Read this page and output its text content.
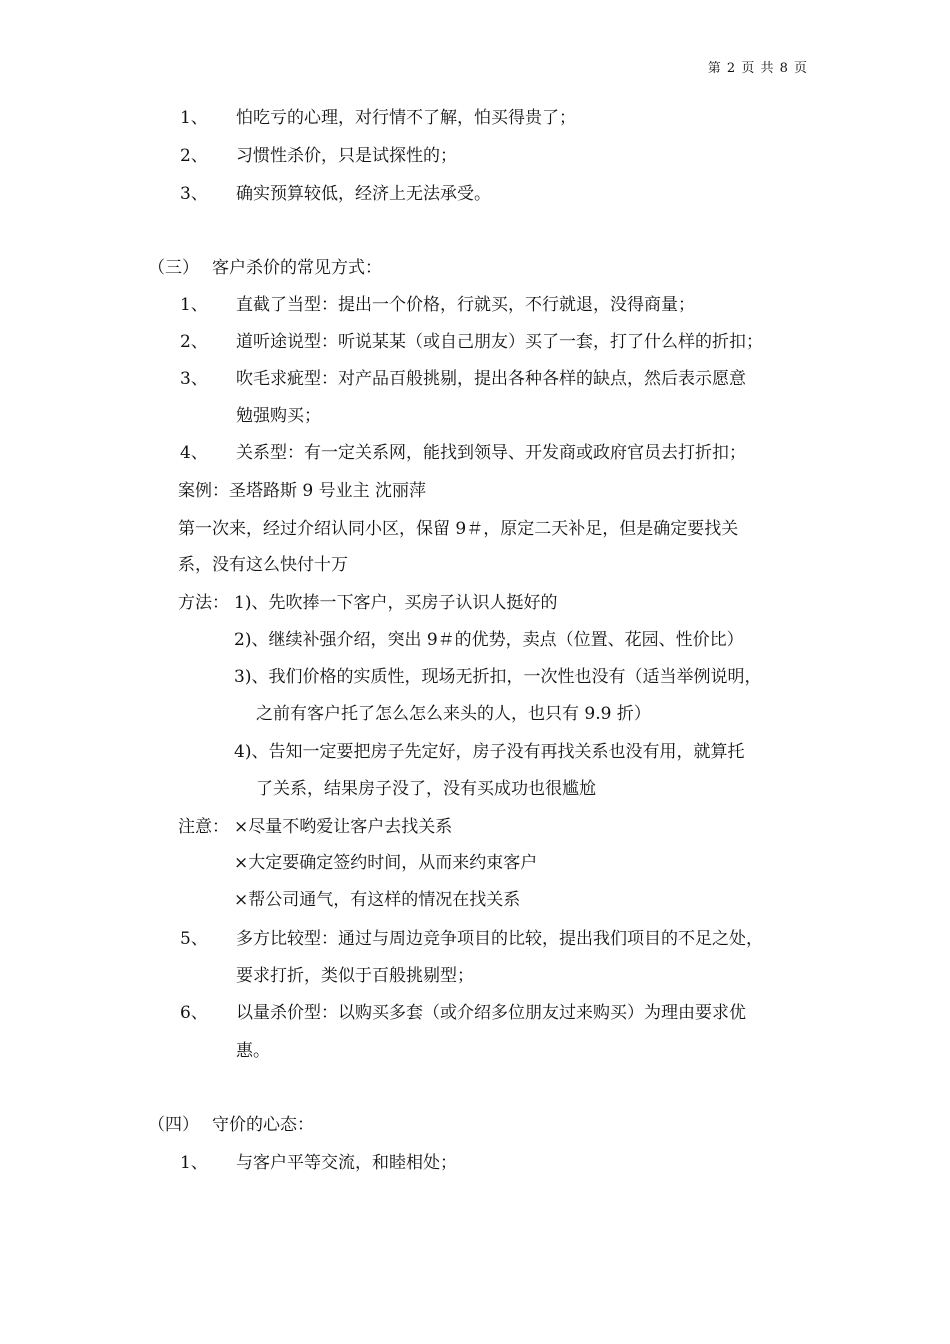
第 2 页 共 8 页
1、 怕吃亏的心理，对行情不了解，怕买得贵了；
2、 习惯性杀价，只是试探性的；
3、 确实预算较低，经济上无法承受。
（三） 客户杀价的常见方式：
1、 直截了当型：提出一个价格，行就买，不行就退，没得商量；
2、 道听途说型：听说某某（或自己朋友）买了一套，打了什么样的折扣；
3、 吹毛求疵型：对产品百般挑剔，提出各种各样的缺点，然后表示愿意
勉强购买；
4、 关系型：有一定关系网，能找到领导、开发商或政府官员去打折扣；
案例：圣塔路斯 9 号业主 沈丽萍
第一次来，经过介绍认同小区，保留 9＃，原定二天补足，但是确定要找关
系，没有这么快付十万
方法： 1)、先吹捧一下客户，买房子认识人挺好的
2)、继续补强介绍，突出 9＃的优势，卖点（位置、花园、性价比）
3)、我们价格的实质性，现场无折扣，一次性也没有（适当举例说明，
之前有客户托了怎么怎么来头的人，也只有 9.9 折）
4)、告知一定要把房子先定好，房子没有再找关系也没有用，就算托
了关系，结果房子没了，没有买成功也很尴尬
注意： ×尽量不哟爱让客户去找关系
×大定要确定签约时间，从而来约束客户
×帮公司通气，有这样的情况在找关系
5、 多方比较型：通过与周边竞争项目的比较，提出我们项目的不足之处，
要求打折，类似于百般挑剔型；
6、 以量杀价型：以购买多套（或介绍多位朋友过来购买）为理由要求优
惠。
（四） 守价的心态：
1、 与客户平等交流，和睦相处；
